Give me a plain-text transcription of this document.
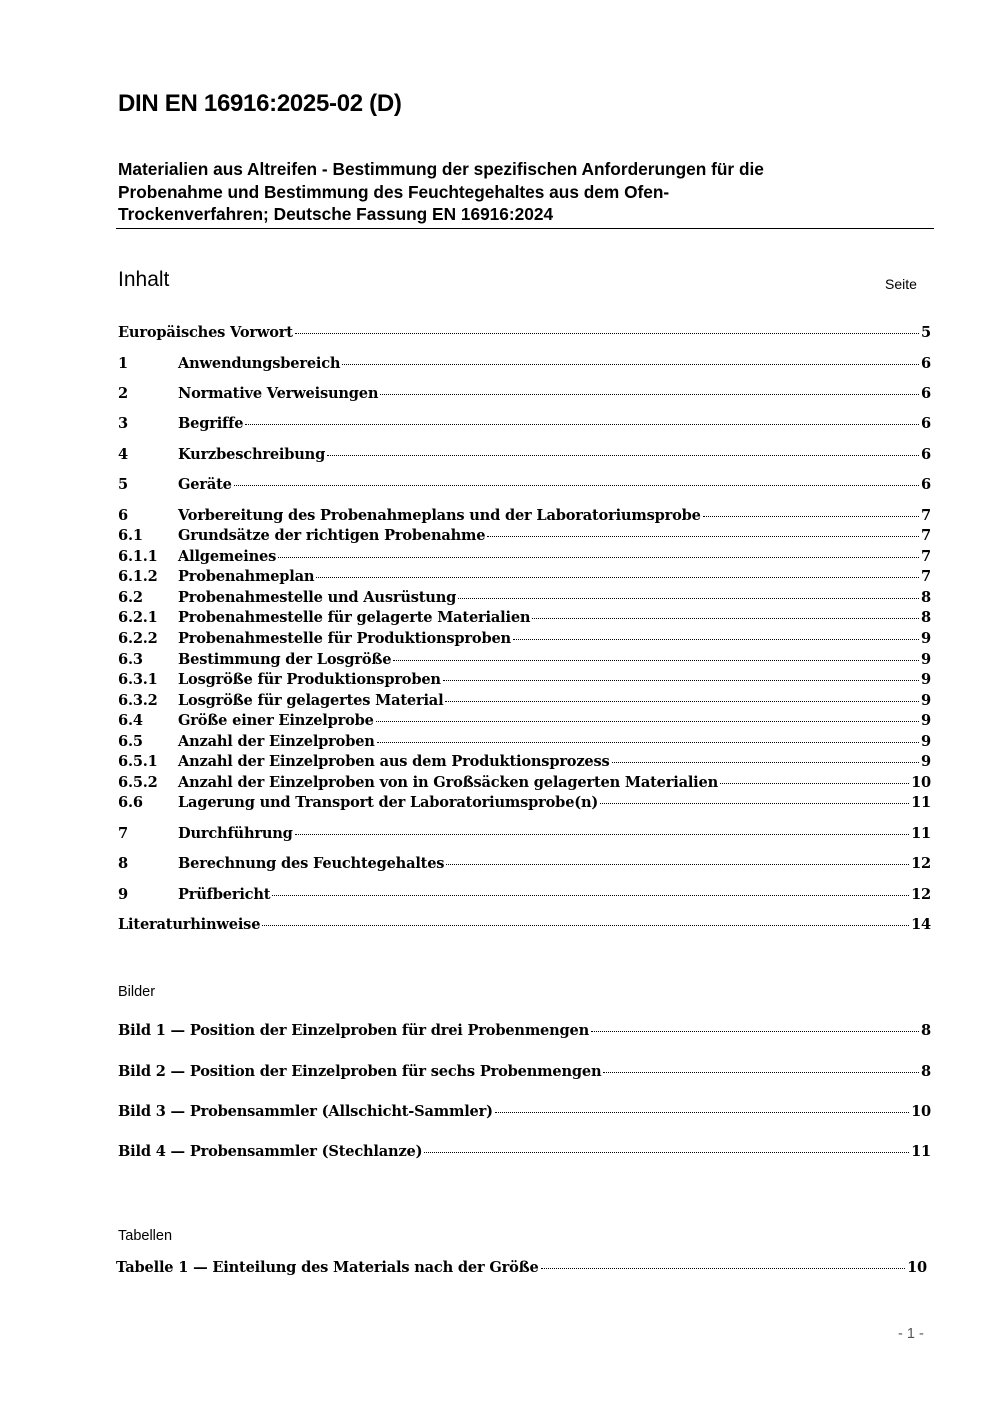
DIN EN 16916:2025-02 (D)
Materialien aus Altreifen - Bestimmung der spezifischen Anforderungen für die
Probenahme und Bestimmung des Feuchtegehaltes aus dem Ofen-
Trockenverfahren; Deutsche Fassung EN 16916:2024
Inhalt	Seite
Europäisches Vorwort	5
1	Anwendungsbereich	6
2	Normative Verweisungen	6
3	Begriffe	6
4	Kurzbeschreibung	6
5	Geräte	6
6	Vorbereitung des Probenahmeplans und der Laboratoriumsprobe	7
6.1	Grundsätze der richtigen Probenahme	7
6.1.1	Allgemeines	7
6.1.2	Probenahmeplan	7
6.2	Probenahmestelle und Ausrüstung	8
6.2.1	Probenahmestelle für gelagerte Materialien	8
6.2.2	Probenahmestelle für Produktionsproben	9
6.3	Bestimmung der Losgröße	9
6.3.1	Losgröße für Produktionsproben	9
6.3.2	Losgröße für gelagertes Material	9
6.4	Größe einer Einzelprobe	9
6.5	Anzahl der Einzelproben	9
6.5.1	Anzahl der Einzelproben aus dem Produktionsprozess	9
6.5.2	Anzahl der Einzelproben von in Großsäcken gelagerten Materialien	10
6.6	Lagerung und Transport der Laboratoriumsprobe(n)	11
7	Durchführung	11
8	Berechnung des Feuchtegehaltes	12
9	Prüfbericht	12
Literaturhinweise	14
Bilder
Bild 1 — Position der Einzelproben für drei Probenmengen	8
Bild 2 — Position der Einzelproben für sechs Probenmengen	8
Bild 3 — Probensammler (Allschicht-Sammler)	10
Bild 4 — Probensammler (Stechlanze)	11
Tabellen
Tabelle 1 — Einteilung des Materials nach der Größe	10
- 1 -
